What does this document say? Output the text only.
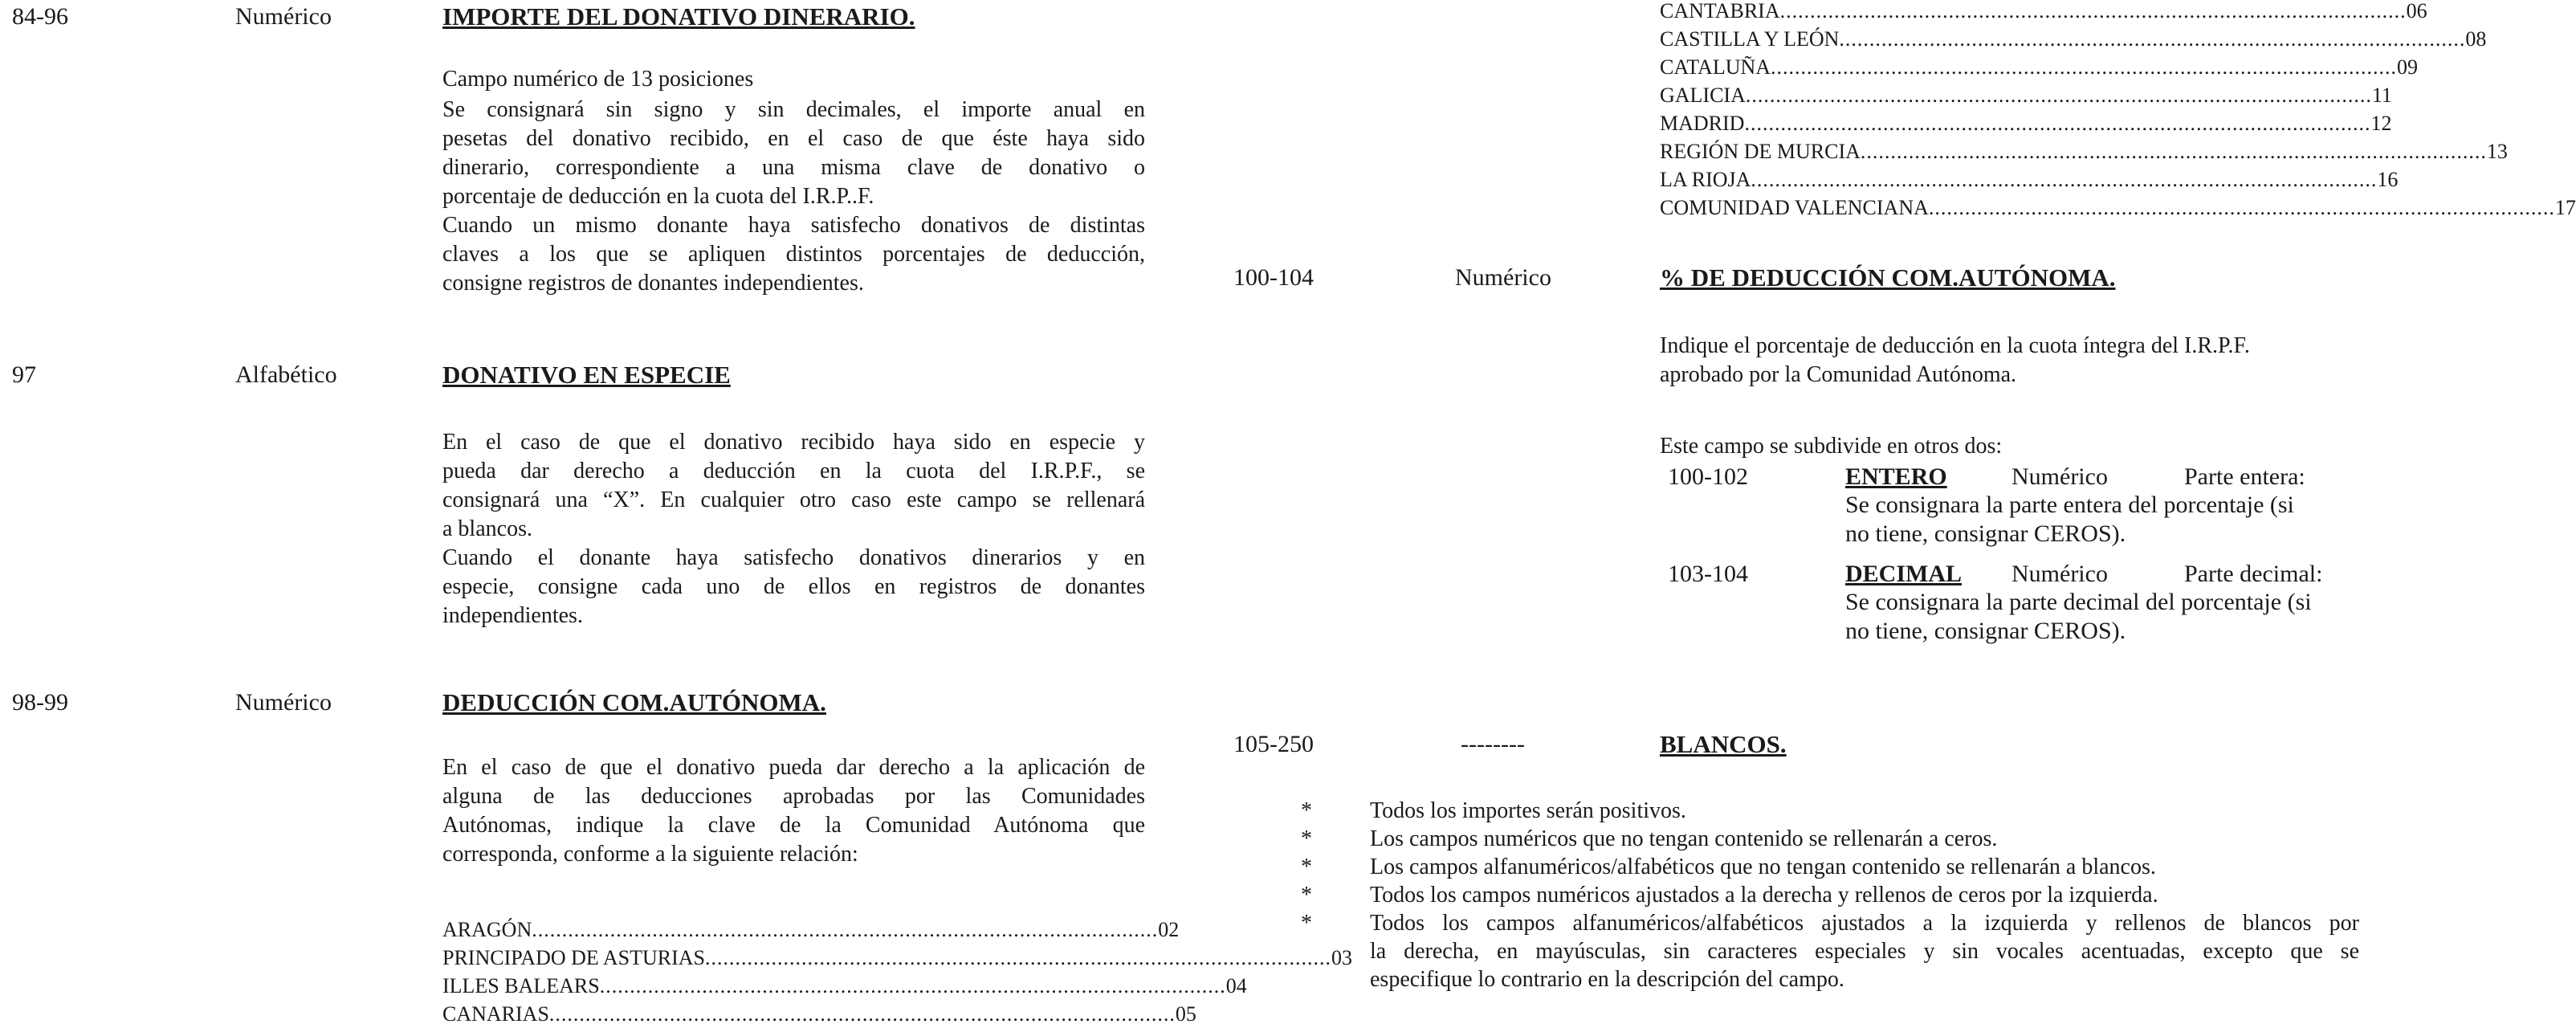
84-96	Numérico	IMPORTE DEL DONATIVO DINERARIO.
Campo numérico de 13 posiciones
Se consignará sin signo y sin decimales, el importe anual en
pesetas del donativo recibido, en el caso de que éste haya sido
dinerario, correspondiente a una misma clave de donativo o
porcentaje de deducción en la cuota del I.R.P..F.
Cuando un mismo donante haya satisfecho donativos de distintas
claves a los que se apliquen distintos porcentajes de deducción,
consigne registros de donantes independientes.
97	Alfabético	DONATIVO EN ESPECIE
En el caso de que el donativo recibido haya sido en especie y
pueda dar derecho a deducción en la cuota del I.R.P.F., se
consignará una “X”. En cualquier otro caso este campo se rellenará
a blancos.
Cuando el donante haya satisfecho donativos dinerarios y en
especie, consigne cada uno de ellos en registros de donantes
independientes.
98-99	Numérico	DEDUCCIÓN COM.AUTÓNOMA.
En el caso de que el donativo pueda dar derecho a la aplicación de
alguna de las deducciones aprobadas por las Comunidades
Autónomas, indique la clave de la Comunidad Autónoma que
corresponda, conforme a la siguiente relación:
ARAGÓN ........................................................................................................ 02
PRINCIPADO DE ASTURIAS ........................................................................................................ 03
ILLES BALEARS ........................................................................................................ 04
CANARIAS ........................................................................................................ 05
CANTABRIA ........................................................................................................ 06
CASTILLA Y LEÓN ........................................................................................................ 08
CATALUÑA ........................................................................................................ 09
GALICIA ........................................................................................................ 11
MADRID ........................................................................................................ 12
REGIÓN DE MURCIA ........................................................................................................ 13
LA RIOJA ........................................................................................................ 16
COMUNIDAD VALENCIANA ........................................................................................................ 17
100-104	Numérico	% DE DEDUCCIÓN COM.AUTÓNOMA.
Indique el porcentaje de deducción en la cuota íntegra del I.R.P.F.
aprobado por la Comunidad Autónoma.
Este campo se subdivide en otros dos:
100-102	ENTERO	Numérico	Parte entera:
Se consignara la parte entera del porcentaje (si
no tiene, consignar CEROS).
103-104	DECIMAL Numérico	Parte decimal:
Se consignara la parte decimal del porcentaje (si
no tiene, consignar CEROS).
105-250	--------	BLANCOS.
*	Todos los importes serán positivos.
*	Los campos numéricos que no tengan contenido se rellenarán a ceros.
*	Los campos alfanuméricos/alfabéticos que no tengan contenido se rellenarán a blancos.
*	Todos los campos numéricos ajustados a la derecha y rellenos de ceros por la izquierda.
*	Todos los campos alfanuméricos/alfabéticos ajustados a la izquierda y rellenos de blancos por
la derecha, en mayúsculas, sin caracteres especiales y sin vocales acentuadas, excepto que se
especifique lo contrario en la descripción del campo.
